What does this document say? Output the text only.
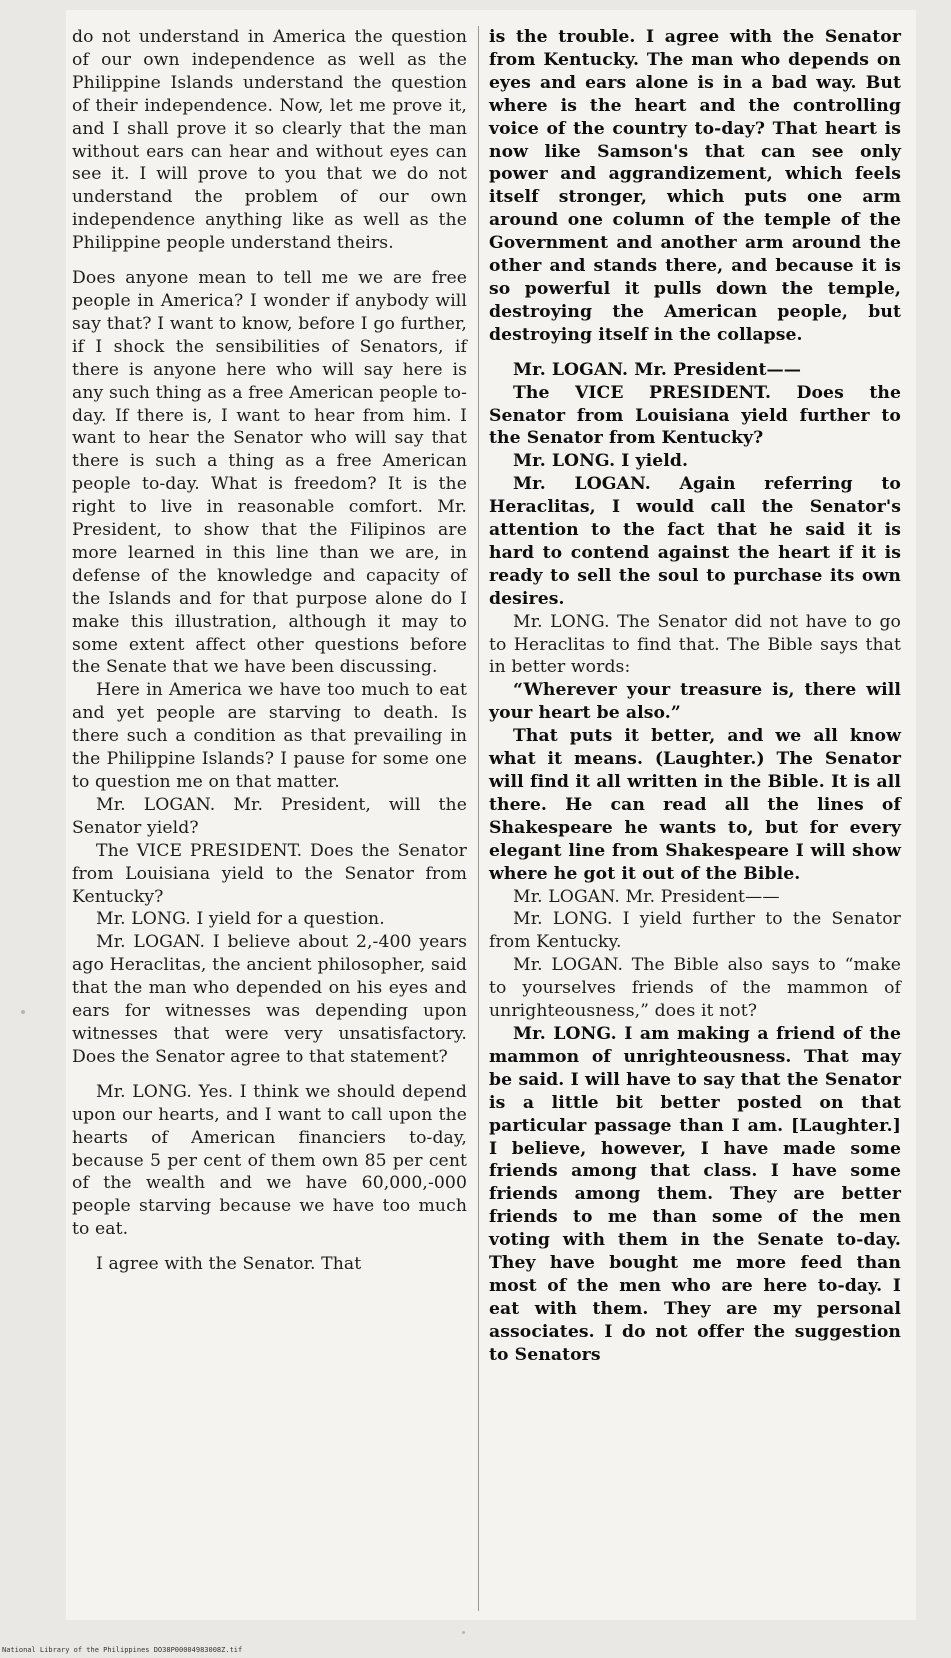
do not understand in America the question of our own independence as well as the Philippine Islands understand the question of their independence. Now, let me prove it, and I shall prove it so clearly that the man without ears can hear and without eyes can see it. I will prove to you that we do not understand the problem of our own independence anything like as well as the Philippine people understand theirs.

Does anyone mean to tell me we are free people in America? I wonder if anybody will say that? I want to know, before I go further, if I shock the sensibilities of Senators, if there is anyone here who will say here is any such thing as a free American people to-day. If there is, I want to hear from him. I want to hear the Senator who will say that there is such a thing as a free American people to-day. What is freedom? It is the right to live in reasonable comfort. Mr. President, to show that the Filipinos are more learned in this line than we are, in defense of the knowledge and capacity of the Islands and for that purpose alone do I make this illustration, although it may to some extent affect other questions before the Senate that we have been discussing.

Here in America we have too much to eat and yet people are starving to death. Is there such a condition as that prevailing in the Philippine Islands? I pause for some one to question me on that matter.

Mr. LOGAN. Mr. President, will the Senator yield?

The VICE PRESIDENT. Does the Senator from Louisiana yield to the Senator from Kentucky?

Mr. LONG. I yield for a question.

Mr. LOGAN. I believe about 2,-400 years ago Heraclitas, the ancient philosopher, said that the man who depended on his eyes and ears for witnesses was depending upon witnesses that were very unsatisfactory. Does the Senator agree to that statement?

Mr. LONG. Yes. I think we should depend upon our hearts, and I want to call upon the hearts of American financiers to-day, because 5 per cent of them own 85 per cent of the wealth and we have 60,000,-000 people starving because we have too much to eat.

I agree with the Senator. That

is the trouble. I agree with the Senator from Kentucky. The man who depends on eyes and ears alone is in a bad way. But where is the heart and the controlling voice of the country to-day? That heart is now like Samson's that can see only power and aggrandizement, which feels itself stronger, which puts one arm around one column of the temple of the Government and another arm around the other and stands there, and because it is so powerful it pulls down the temple, destroying the American people, but destroying itself in the collapse.

Mr. LOGAN. Mr. President——

The VICE PRESIDENT. Does the Senator from Louisiana yield further to the Senator from Kentucky?

Mr. LONG. I yield.

Mr. LOGAN. Again referring to Heraclitas, I would call the Senator's attention to the fact that he said it is hard to contend against the heart if it is ready to sell the soul to purchase its own desires.

Mr. LONG. The Senator did not have to go to Heraclitas to find that. The Bible says that in better words:

“Wherever your treasure is, there will your heart be also.”

That puts it better, and we all know what it means. (Laughter.) The Senator will find it all written in the Bible. It is all there. He can read all the lines of Shakespeare he wants to, but for every elegant line from Shakespeare I will show where he got it out of the Bible.

Mr. LOGAN. Mr. President——

Mr. LONG. I yield further to the Senator from Kentucky.

Mr. LOGAN. The Bible also says to “make to yourselves friends of the mammon of unrighteousness,” does it not?

Mr. LONG. I am making a friend of the mammon of unrighteousness. That may be said. I will have to say that the Senator is a little bit better posted on that particular passage than I am. [Laughter.] I believe, however, I have made some friends among that class. I have some friends among them. They are better friends to me than some of the men voting with them in the Senate to-day. They have bought me more feed than most of the men who are here to-day. I eat with them. They are my personal associates. I do not offer the suggestion to Senators

National Library of the Philippines DO38P00004983008Z.tif
